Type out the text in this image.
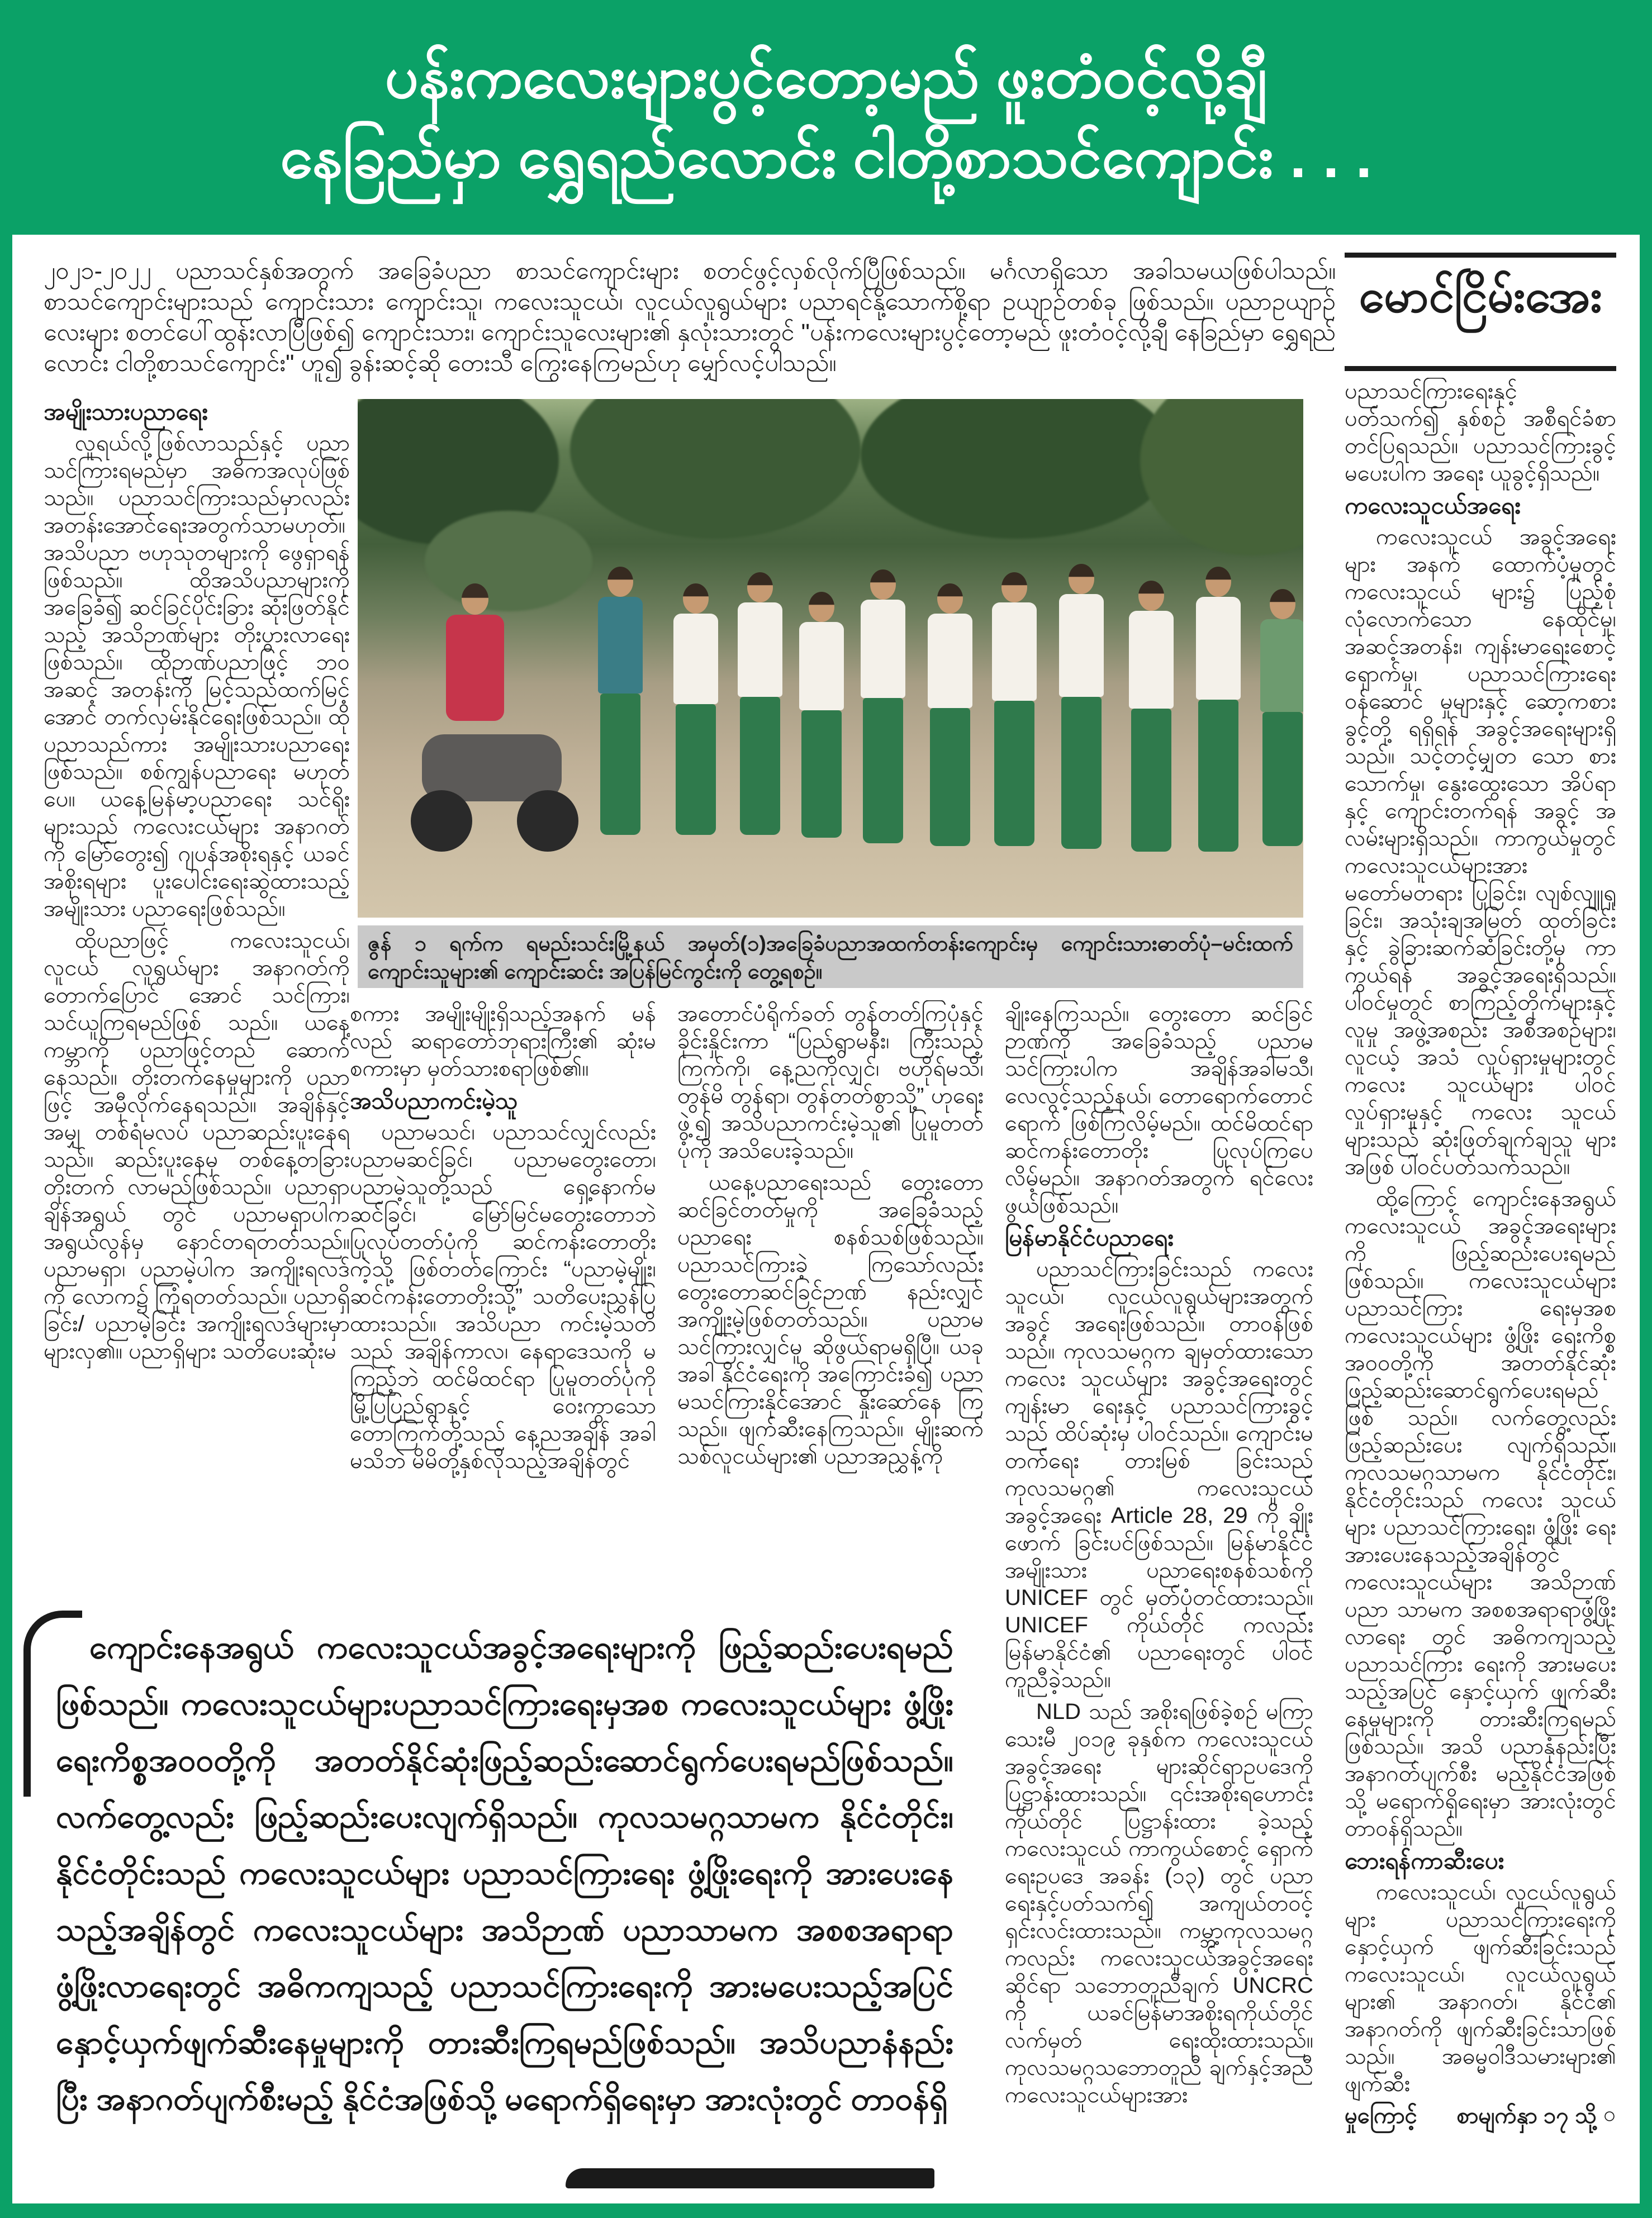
ပန်းကလေးများပွင့်တော့မည် ဖူးတံဝင့်လို့ချီ
နေခြည်မှာ ရွှေရည်လောင်း ငါတို့စာသင်ကျောင်း . . .
၂၀၂၁-၂၀၂၂ ပညာသင်နှစ်အတွက် အခြေခံပညာ စာသင်ကျောင်းများ စတင်ဖွင့်လှစ်လိုက်ပြီဖြစ်သည်။ မင်္ဂလာရှိသော အခါသမယဖြစ်ပါသည်။ စာသင်ကျောင်းများသည် ကျောင်းသား ကျောင်းသူ၊ ကလေးသူငယ်၊ လူငယ်လူရွယ်များ ပညာရင်နို့သောက်စို့ရာ ဥယျာဉ်တစ်ခု ဖြစ်သည်။ ပညာဥယျာဉ်လေးများ စတင်ပေါ်ထွန်းလာပြီဖြစ်၍ ကျောင်းသား၊ ကျောင်းသူလေးများ၏ နှလုံးသားတွင် "ပန်းကလေးများပွင့်တော့မည် ဖူးတံဝင့်လို့ချီ နေခြည်မှာ ရွှေရည်လောင်း ငါတို့စာသင်ကျောင်း" ဟူ၍ ခွန်းဆင့်ဆို တေးသီ ကြွေးနေကြမည်ဟု မျှော်လင့်ပါသည်။
မောင်ငြိမ်းအေး
အမျိုးသားပညာရေး

လူရယ်လို့ဖြစ်လာသည်နှင့် ပညာ သင်ကြားရမည်မှာ အဓိကအလုပ်ဖြစ် သည်။ ပညာသင်ကြားသည်မှာလည်း အတန်းအောင်ရေးအတွက်သာမဟုတ်။ အသိပညာ ဗဟုသုတများကို ဖွေရှာရန် ဖြစ်သည်။ ထိုအသိပညာများကို အခြေခံ၍ ဆင်ခြင်ပိုင်းခြား ဆုံးဖြတ်နိုင်သည့် အသိဉာဏ်များ တိုးပွားလာရေးဖြစ်သည်။ ထိုဉာဏ်ပညာဖြင့် ဘဝအဆင့် အတန်းကို မြင့်သည်ထက်မြင့်အောင် တက်လှမ်းနိုင်ရေးဖြစ်သည်။ ထိုပညာသည်ကား အမျိုးသားပညာရေးဖြစ်သည်။ စစ်ကျွန်ပညာရေး မဟုတ်ပေ။ ယနေ့မြန်မာ့ပညာရေး သင်ရိုးများသည် ကလေးငယ်များ အနာဂတ်ကို မြော်တွေး၍ ဂျပန်အစိုးရနှင့် ယခင်အစိုးရများ ပူးပေါင်းရေးဆွဲထားသည့် အမျိုးသား ပညာရေးဖြစ်သည်။

ထိုပညာဖြင့် ကလေးသူငယ်၊ လူငယ် လူရွယ်များ အနာဂတ်ကို တောက်ပြောင် အောင် သင်ကြား၊ သင်ယူကြရမည်ဖြစ် သည်။ ယနေ့ကမ္ဘာကို ပညာဖြင့်တည် ဆောက်နေသည်။ တိုးတက်နေမှုများကို ပညာဖြင့် အမှီလိုက်နေရသည်။ အချိန်နှင့်အမျှ တစ်ရံမလပ် ပညာဆည်းပူးနေရသည်။ ဆည်းပူးနေမှ တစ်နေ့တခြား တိုးတက် လာမည်ဖြစ်သည်။ ပညာရှာချိန်အရွယ် တွင် ပညာမရှာပါက အရွယ်လွန်မှ နောင်တရတတ်သည်။ ပညာမရှာ၊ ပညာမဲ့ပါက အကျိုးရလဒ်ကို လောက၌ ကြုံရတတ်သည်။ ပညာရှိခြင်း/ ပညာမဲ့ခြင်း အကျိုးရလဒ်များမှာ များလှ၏။ ပညာရှိများ သတိပေးဆုံးမ

ဓာတ်ပုံ–မင်းထက်
ဇွန် ၁ ရက်က ရမည်းသင်းမြို့နယ် အမှတ်(၁)အခြေခံပညာအထက်တန်းကျောင်းမှ ကျောင်းသား ကျောင်းသူများ၏ ကျောင်းဆင်း အပြန်မြင်ကွင်းကို တွေ့ရစဉ်။

စကား အမျိုးမျိုးရှိသည့်အနက် မန်လည် ဆရာတော်ဘုရားကြီး၏ ဆုံးမစကားမှာ မှတ်သားစရာဖြစ်၏။

အသိပညာကင်းမဲ့သူ

ပညာမသင်၊ ပညာသင်လျှင်လည်း ပညာမဆင်ခြင်၊ ပညာမတွေးတော၊ ပညာမဲ့သူတို့သည် ရှေ့နောက်မဆင်ခြင်၊ မြော်မြင်မတွေးတောဘဲ ပြုလုပ်တတ်ပုံကို ဆင်ကန်းတောတိုးကဲ့သို့ ဖြစ်တတ်ကြောင်း “ပညာမဲ့မျိုး၊ ဆင်ကန်းတောတိုးသို့” သတိပေးညွှန်ပြထားသည်။ အသိပညာ ကင်းမဲ့သတိသည် အချိန်ကာလ၊ နေရာဒေသကို မကြည့်ဘဲ ထင်မိထင်ရာ ပြုမူတတ်ပုံကို မြို့ပြပြည်ရွာနှင့် ဝေးကွာသော တောကြက်တို့သည် နေ့ညအချိန် အခါမသိဘဲ မိမိတို့နှစ်လိုသည့်အချိန်တွင်

အတောင်ပံရိုက်ခတ် တွန်တတ်ကြပုံနှင့် ခိုင်းနှိုင်းကာ “ပြည်ရွာမနီး၊ ကြီးသည့် ကြက်ကို၊ နေ့ညကိုလျှင်၊ ဗဟိုရ်မသိ၊ တွန်မိ တွန်ရာ၊ တွန်တတ်စွာသို့” ဟုရေးဖွဲ့၍ အသိပညာကင်းမဲ့သူ၏ ပြုမူတတ်ပုံကို အသိပေးခဲ့သည်။

ယနေ့ပညာရေးသည် တွေးတော ဆင်ခြင်တတ်မှုကို အခြေခံသည့် ပညာရေး စနစ်သစ်ဖြစ်သည်။ ပညာသင်ကြားခဲ့ ကြသော်လည်း တွေးတောဆင်ခြင်ဉာဏ် နည်းလျှင် အကျိုးမဲ့ဖြစ်တတ်သည်။ ပညာမသင်ကြားလျှင်မူ ဆိုဖွယ်ရာမရှိပြီ။ ယခုအခါ နိုင်ငံရေးကို အကြောင်းခံ၍ ပညာမသင်ကြားနိုင်အောင် နှိုးဆော်နေ ကြသည်။ ဖျက်ဆီးနေကြသည်။ မျိုးဆက် သစ်လူငယ်များ၏ ပညာအညွှန့်ကို

ချိုးနေကြသည်။ တွေးတော ဆင်ခြင်ဉာဏ်ကို အခြေခံသည့် ပညာမသင်ကြားပါက အချိန်အခါမသီ၊ လေလွင့်သည့်နယ်၊ တောရောက်တောင်ရောက် ဖြစ်ကြလိမ့်မည်။ ထင်မိထင်ရာ ဆင်ကန်းတောတိုး ပြုလုပ်ကြပေလိမ့်မည်။ အနာဂတ်အတွက် ရင်လေးဖွယ်ဖြစ်သည်။

မြန်မာနိုင်ငံပညာရေး

ပညာသင်ကြားခြင်းသည် ကလေး သူငယ်၊ လူငယ်လူရွယ်များအတွက် အခွင့် အရေးဖြစ်သည်။ တာဝန်ဖြစ်သည်။ ကုလသမဂ္ဂက ချမှတ်ထားသော ကလေး သူငယ်များ အခွင့်အရေးတွင် ကျန်းမာ ရေးနှင့် ပညာသင်ကြားခွင့်သည် ထိပ်ဆုံးမှ ပါဝင်သည်။ ကျောင်းမတက်ရေး တားမြစ် ခြင်းသည် ကုလသမဂ္ဂ၏ ကလေးသူငယ် အခွင့်အရေး Article 28, 29 ကို ချိုးဖောက် ခြင်းပင်ဖြစ်သည်။ မြန်မာနိုင်ငံ အမျိုးသား ပညာရေးစနစ်သစ်ကို UNICEF တွင် မှတ်ပုံတင်ထားသည်။ UNICEF ကိုယ်တိုင် ကလည်း မြန်မာနိုင်ငံ၏ ပညာရေးတွင် ပါဝင်ကူညီခဲ့သည်။

NLD သည် အစိုးရဖြစ်ခဲ့စဉ် မကြာသေးမီ ၂၀၁၉ ခုနှစ်က ကလေးသူငယ်အခွင့်အရေး များဆိုင်ရာဥပဒေကို ပြဋ္ဌာန်းထားသည်။ ၎င်းအစိုးရဟောင်းကိုယ်တိုင် ပြဋ္ဌာန်းထား ခဲ့သည့် ကလေးသူငယ် ကာကွယ်စောင့် ရှောက်ရေးဥပဒေ အခန်း (၁၃) တွင် ပညာ ရေးနှင့်ပတ်သက်၍ အကျယ်တဝင့် ရှင်းလင်းထားသည်။ ကမ္ဘာ့ကုလသမဂ္ဂ ကလည်း ကလေးသူငယ်အခွင့်အရေး ဆိုင်ရာ သဘောတူညီချက် UNCRC ကို ယခင်မြန်မာအစိုးရကိုယ်တိုင် လက်မှတ် ရေးထိုးထားသည်။ ကုလသမဂ္ဂသဘောတူညီ ချက်နှင့်အညီ ကလေးသူငယ်များအား

ပညာသင်ကြားရေးနှင့် ပတ်သက်၍ နှစ်စဉ် အစီရင်ခံစာတင်ပြရသည်။ ပညာသင်ကြားခွင့်မပေးပါက အရေး ယူခွင့်ရှိသည်။

ကလေးသူငယ်အရေး

ကလေးသူငယ် အခွင့်အရေးများ အနက် ထောက်ပံ့မှုတွင် ကလေးသူငယ် များ၌ ပြည့်စုံလုံလောက်သော နေထိုင်မှု၊ အဆင့်အတန်း၊ ကျန်းမာရေးစောင့် ရှောက်မှု၊ ပညာသင်ကြားရေး ဝန်ဆောင် မှုများနှင့် ဆော့ကစားခွင့်တို့ ရရှိရန် အခွင့်အရေးများရှိသည်။ သင့်တင့်မျှတ သော စားသောက်မှု၊ နွေးထွေးသော အိပ်ရာနှင့် ကျောင်းတက်ရန် အခွင့် အလမ်းများရှိသည်။ ကာကွယ်မှုတွင် ကလေးသူငယ်များအား မတော်မတရား ပြုခြင်း၊ လျစ်လျူရှုခြင်း၊ အသုံးချအမြတ် ထုတ်ခြင်းနှင့် ခွဲခြားဆက်ဆံခြင်းတို့မှ ကာကွယ်ရန် အခွင့်အရေးရှိသည်။ ပါဝင်မှုတွင် စာကြည့်တိုက်များနှင့် လူမှု အဖွဲ့အစည်း အစီအစဉ်များ၊ လူငယ့် အသံ လှုပ်ရှားမှုများတွင် ကလေး သူငယ်များ ပါဝင်လှုပ်ရှားမှုနှင့် ကလေး သူငယ်များသည် ဆုံးဖြတ်ချက်ချသူ များအဖြစ် ပါဝင်ပတ်သက်သည်။

ထို့ကြောင့် ကျောင်းနေအရွယ် ကလေးသူငယ် အခွင့်အရေးများကို ဖြည့်ဆည်းပေးရမည်ဖြစ်သည်။ ကလေးသူငယ်များ ပညာသင်ကြား ရေးမှအစ ကလေးသူငယ်များ ဖွံ့ဖြိုး ရေးကိစ္စအဝဝတို့ကို အတတ်နိုင်ဆုံး ဖြည့်ဆည်းဆောင်ရွက်ပေးရမည်ဖြစ် သည်။ လက်တွေ့လည်း ဖြည့်ဆည်းပေး လျက်ရှိသည်။ ကုလသမဂ္ဂသာမက နိုင်ငံတိုင်း၊ နိုင်ငံတိုင်းသည် ကလေး သူငယ်များ ပညာသင်ကြားရေး၊ ဖွံ့ဖြိုး ရေး အားပေးနေသည့်အချိန်တွင် ကလေးသူငယ်များ အသိဉာဏ်ပညာ သာမက အစစအရာရာဖွံ့ဖြိုးလာရေး တွင် အဓိကကျသည့် ပညာသင်ကြား ရေးကို အားမပေးသည့်အပြင် နှောင့်ယှက် ဖျက်ဆီးနေမှုများကို တားဆီးကြရမည်ဖြစ်သည်။ အသိ ပညာနုံနည်းပြီး အနာဂတ်ပျက်စီး မည့်နိုင်ငံအဖြစ်သို့ မရောက်ရှိရေးမှာ အားလုံးတွင်တာဝန်ရှိသည်။

ဘေးရန်ကာဆီးပေး

ကလေးသူငယ်၊ လူငယ်လူရွယ်များ ပညာသင်ကြားရေးကို နှောင့်ယှက် ဖျက်ဆီးခြင်းသည် ကလေးသူငယ်၊ လူငယ်လူရွယ်များ၏ အနာဂတ်၊ နိုင်ငံ၏ အနာဂတ်ကို ဖျက်ဆီးခြင်းသာဖြစ် သည်။ အဓမ္မဝါဒီသမားများ၏ ဖျက်ဆီး

မှုကြောင့် စာမျက်နှာ ၁၇ သို့ ○
ကျောင်းနေအရွယ် ကလေးသူငယ်အခွင့်အရေးများကို ဖြည့်ဆည်းပေးရမည်ဖြစ်သည်။ ကလေးသူငယ်များပညာသင်ကြားရေးမှအစ ကလေးသူငယ်များ ဖွံ့ဖြိုးရေးကိစ္စအဝဝတို့ကို အတတ်နိုင်ဆုံးဖြည့်ဆည်းဆောင်ရွက်ပေးရမည်ဖြစ်သည်။ လက်တွေ့လည်း ဖြည့်ဆည်းပေးလျက်ရှိသည်။ ကုလသမဂ္ဂသာမက နိုင်ငံတိုင်း၊ နိုင်ငံတိုင်းသည် ကလေးသူငယ်များ ပညာသင်ကြားရေး ဖွံ့ဖြိုးရေးကို အားပေးနေသည့်အချိန်တွင် ကလေးသူငယ်များ အသိဉာဏ် ပညာသာမက အစစအရာရာဖွံ့ဖြိုးလာရေးတွင် အဓိကကျသည့် ပညာသင်ကြားရေးကို အားမပေးသည့်အပြင် နှောင့်ယှက်ဖျက်ဆီးနေမှုများကို တားဆီးကြရမည်ဖြစ်သည်။ အသိပညာနံနည်းပြီး အနာဂတ်ပျက်စီးမည့် နိုင်ငံအဖြစ်သို့ မရောက်ရှိရေးမှာ အားလုံးတွင် တာဝန်ရှိ
